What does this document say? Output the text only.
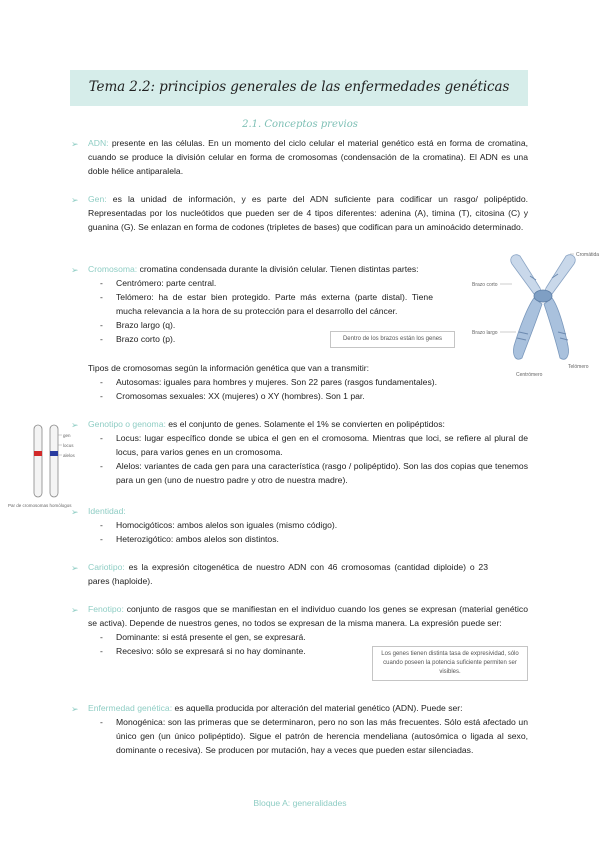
Tema 2.2: principios generales de las enfermedades genéticas
2.1. Conceptos previos
➢ ADN: presente en las células. En un momento del ciclo celular el material genético está en forma de cromatina, cuando se produce la división celular en forma de cromosomas (condensación de la cromatina). El ADN es una doble hélice antiparalela.
➢ Gen: es la unidad de información, y es parte del ADN suficiente para codificar un rasgo/ polipéptido. Representadas por los nucleótidos que pueden ser de 4 tipos diferentes: adenina (A), timina (T), citosina (C) y guanina (G). Se enlazan en forma de codones (tripletes de bases) que codifican para un aminoácido determinado.
➢ Cromosoma: cromatina condensada durante la división celular. Tienen distintas partes:
- Centrómero: parte central.
- Telómero: ha de estar bien protegido. Parte más externa (parte distal). Tiene mucha relevancia a la hora de su protección para el desarrollo del cáncer.
- Brazo largo (q).
- Brazo corto (p).	Dentro de los brazos están los genes
Tipos de cromosomas según la información genética que van a transmitir:
- Autosomas: iguales para hombres y mujeres. Son 22 pares (rasgos fundamentales).
- Cromosomas sexuales: XX (mujeres) o XY (hombres). Son 1 par.
Cromátida
Brazo corto
Brazo largo
Centrómero
Telómero
gen
locus
alelos
Par de cromosomas homólogos
➢ Genotipo o genoma: es el conjunto de genes. Solamente el 1% se convierten en polipéptidos:
- Locus: lugar específico donde se ubica el gen en el cromosoma. Mientras que loci, se refiere al plural de locus, para varios genes en un cromosoma.
- Alelos: variantes de cada gen para una característica (rasgo / polipéptido). Son las dos copias que tenemos para un gen (uno de nuestro padre y otro de nuestra madre).
➢ Identidad:
- Homocigóticos: ambos alelos son iguales (mismo código).
- Heterozigótico: ambos alelos son distintos.
➢ Cariotipo: es la expresión citogenética de nuestro ADN con 46 cromosomas (cantidad diploide) o 23 pares (haploide).
➢ Fenotipo: conjunto de rasgos que se manifiestan en el individuo cuando los genes se expresan (material genético se activa). Depende de nuestros genes, no todos se expresan de la misma manera. La expresión puede ser:
- Dominante: si está presente el gen, se expresará.
- Recesivo: sólo se expresará si no hay dominante.	Los genes tienen distinta tasa de expresividad, sólo cuando poseen la potencia suficiente permiten ser visibles.
➢ Enfermedad genética: es aquella producida por alteración del material genético (ADN). Puede ser:
- Monogénica: son las primeras que se determinaron, pero no son las más frecuentes. Sólo está afectado un único gen (un único polipéptido). Sigue el patrón de herencia mendeliana (autosómica o ligada al sexo, dominante o recesiva). Se producen por mutación, hay a veces que pueden estar silenciadas.
Bloque A: generalidades
